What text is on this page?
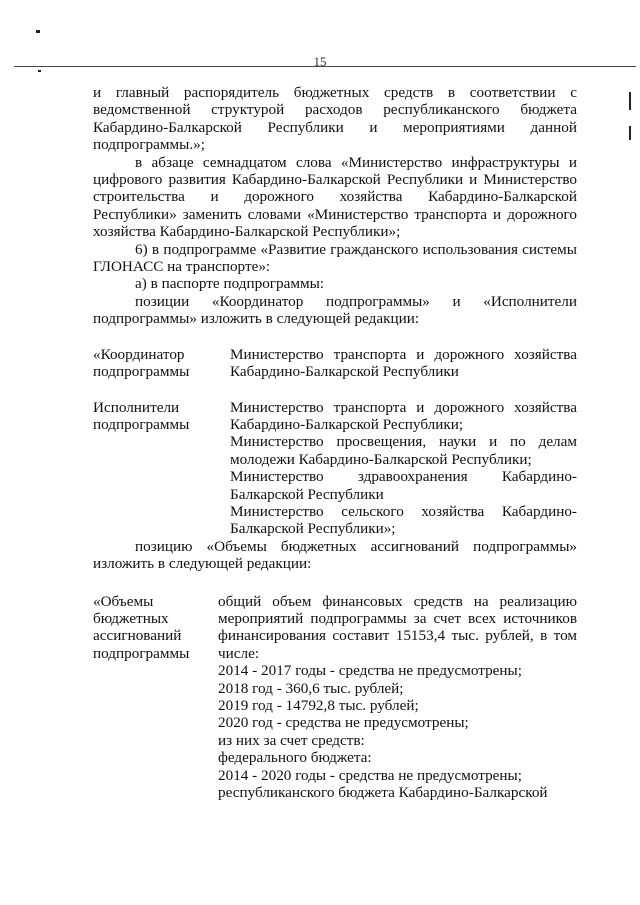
15

и главный распорядитель бюджетных средств в соответствии с ведомственной структурой расходов республиканского бюджета Кабардино-Балкарской Республики и мероприятиями данной подпрограммы.»;

в абзаце семнадцатом слова «Министерство инфраструктуры и цифрового развития Кабардино-Балкарской Республики и Министерство строительства и дорожного хозяйства Кабардино-Балкарской Республики» заменить словами «Министерство транспорта и дорожного хозяйства Кабардино-Балкарской Республики»;

6) в подпрограмме «Развитие гражданского использования системы ГЛОНАСС на транспорте»:

а) в паспорте подпрограммы:

позиции «Координатор подпрограммы» и «Исполнители подпрограммы» изложить в следующей редакции:

«Координатор подпрограммы

Министерство транспорта и дорожного хозяйства Кабардино-Балкарской Республики

Исполнители подпрограммы

Министерство транспорта и дорожного хозяйства Кабардино-Балкарской Республики;

Министерство просвещения, науки и по делам молодежи Кабардино-Балкарской Республики;

Министерство здравоохранения Кабардино-Балкарской Республики

Министерство сельского хозяйства Кабардино-Балкарской Республики»;

позицию «Объемы бюджетных ассигнований подпрограммы» изложить в следующей редакции:

«Объемы бюджетных ассигнований подпрограммы

общий объем финансовых средств на реализацию мероприятий подпрограммы за счет всех источников финансирования составит 15153,4 тыс. рублей, в том числе:

2014 - 2017 годы - средства не предусмотрены;

2018 год - 360,6 тыс. рублей;

2019 год - 14792,8 тыс. рублей;

2020 год - средства не предусмотрены;

из них за счет средств:

федерального бюджета:

2014 - 2020 годы - средства не предусмотрены;

республиканского бюджета Кабардино-Балкарской
